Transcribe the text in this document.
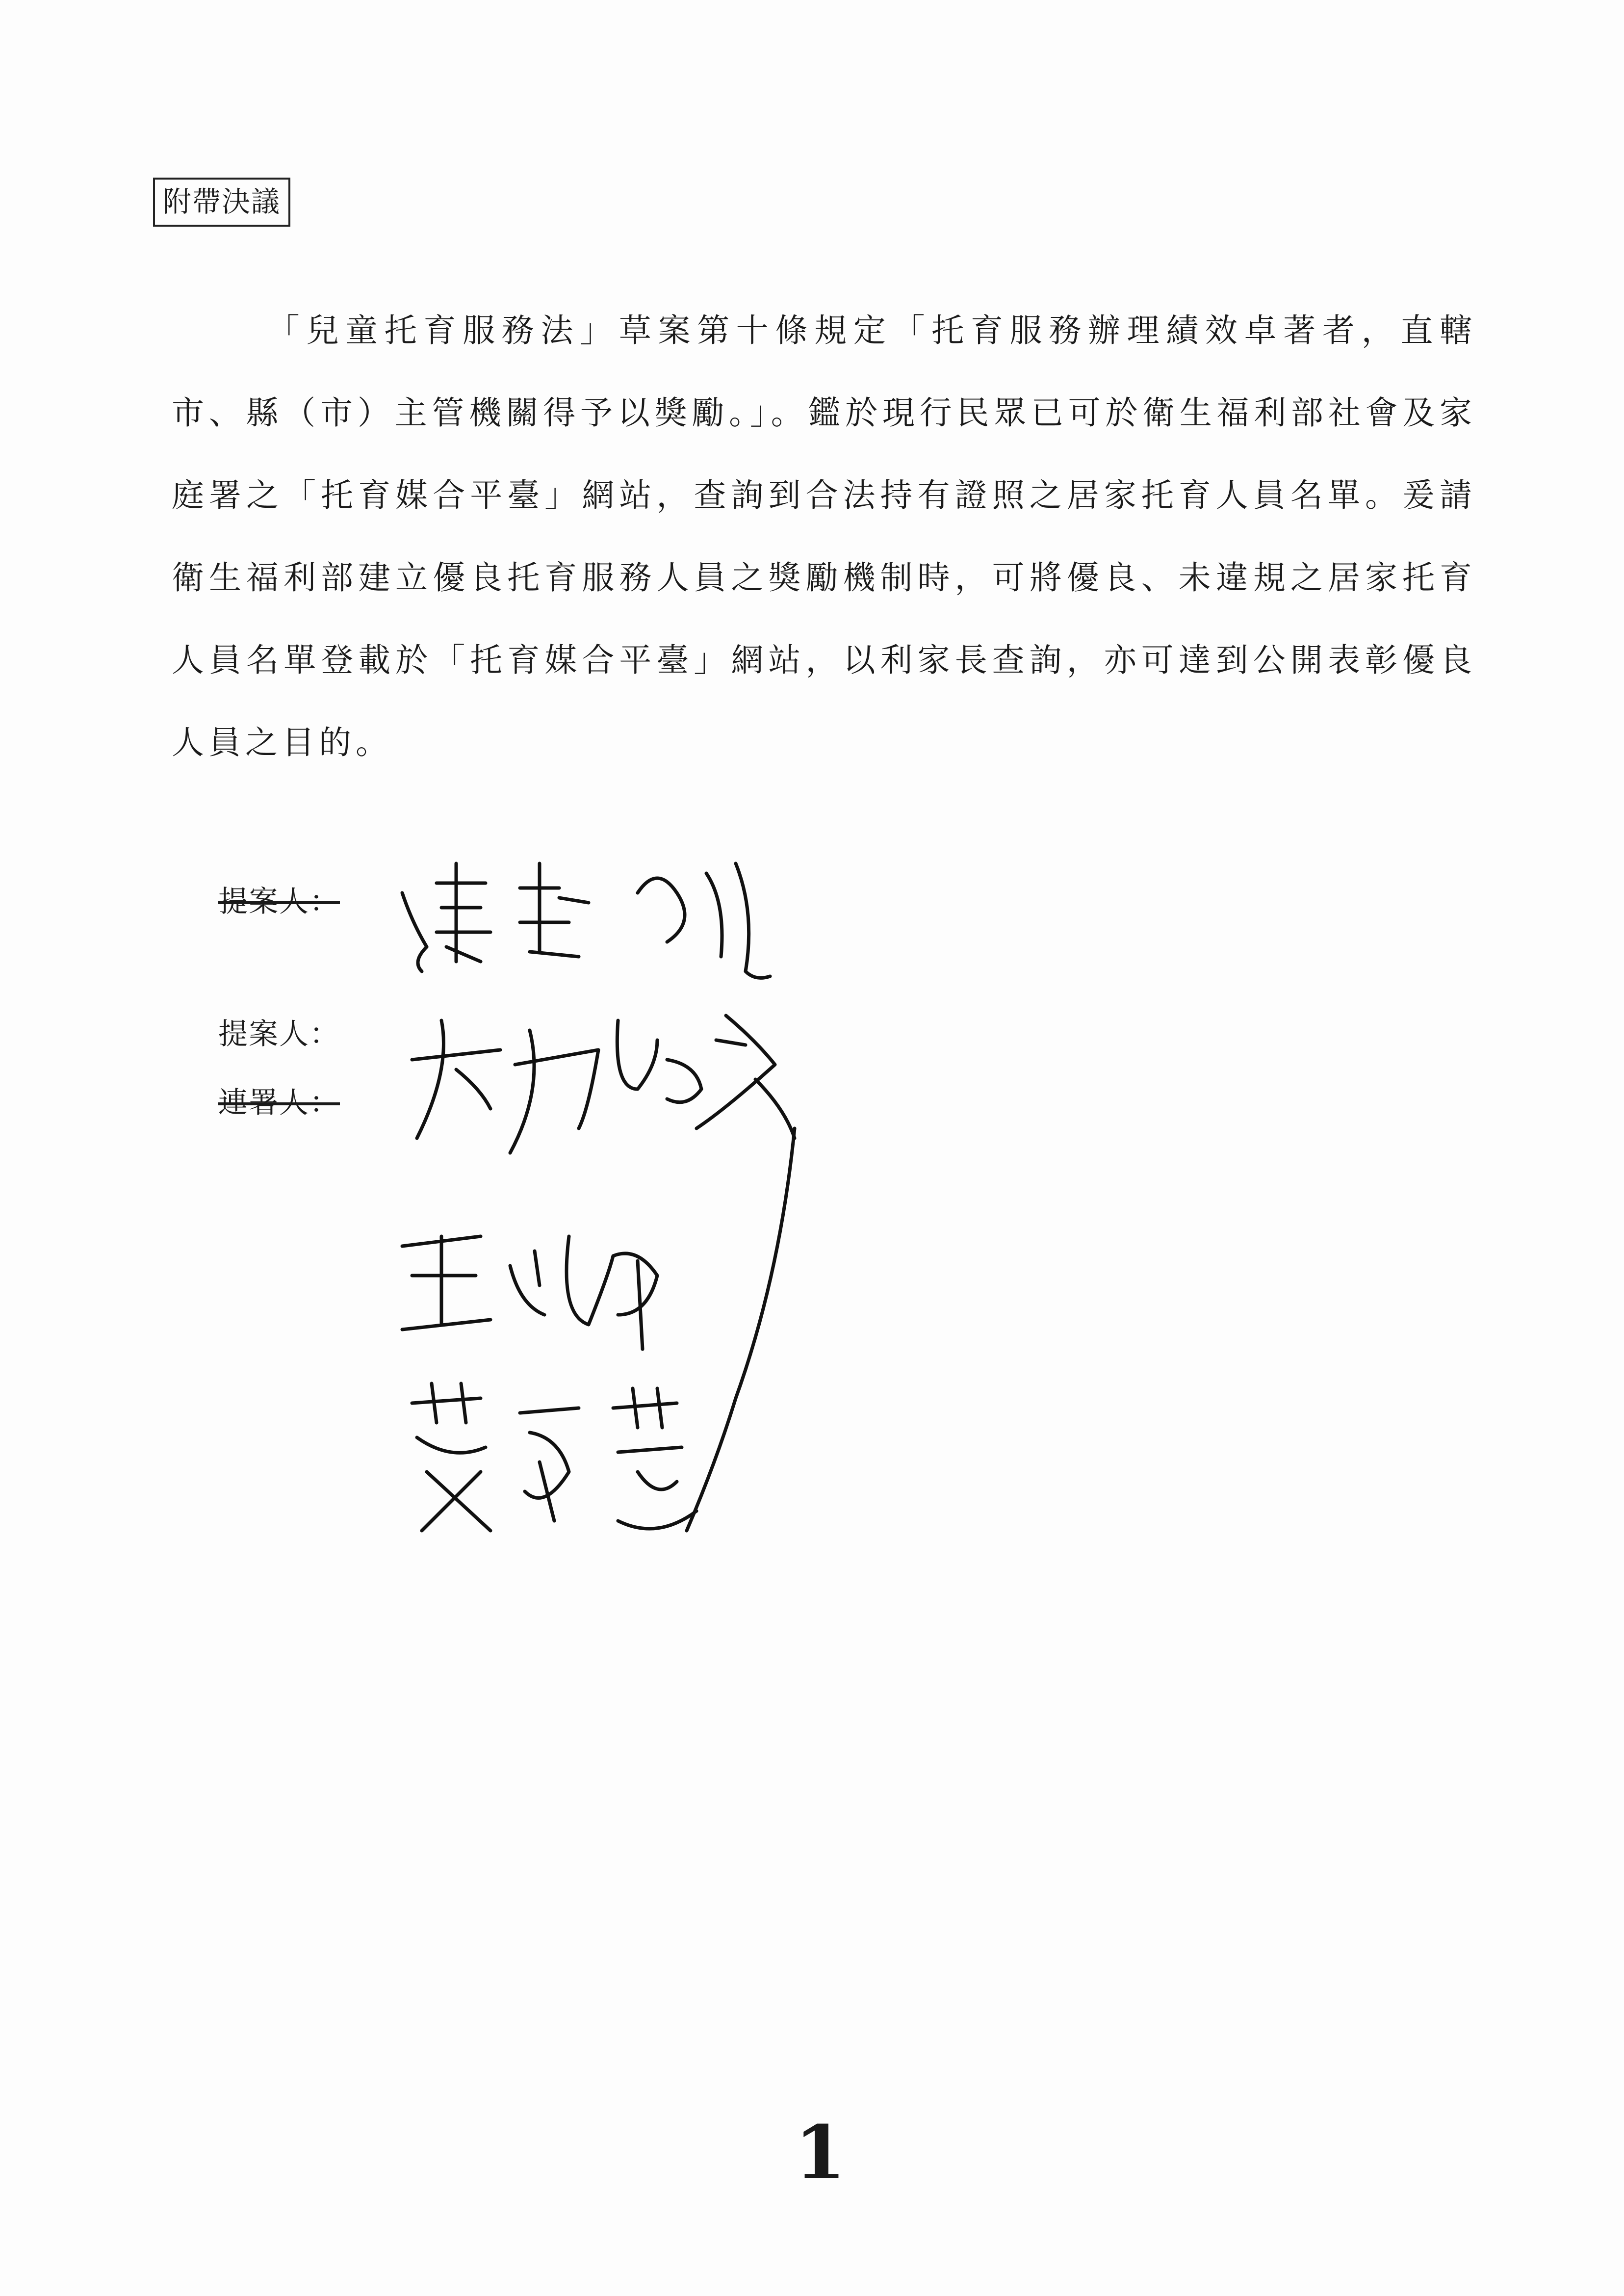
附帶決議

「兒童托育服務法」草案第十條規定「托育服務辦理績效卓著者，直轄市、縣（市）主管機關得予以獎勵。」。鑑於現行民眾已可於衛生福利部社會及家庭署之「托育媒合平臺」網站，查詢到合法持有證照之居家托育人員名單。爰請衛生福利部建立優良托育服務人員之獎勵機制時，可將優良、未違規之居家托育人員名單登載於「托育媒合平臺」網站，以利家長查詢，亦可達到公開表彰優良人員之目的。

提案人：
提案人：
連署人：
1
